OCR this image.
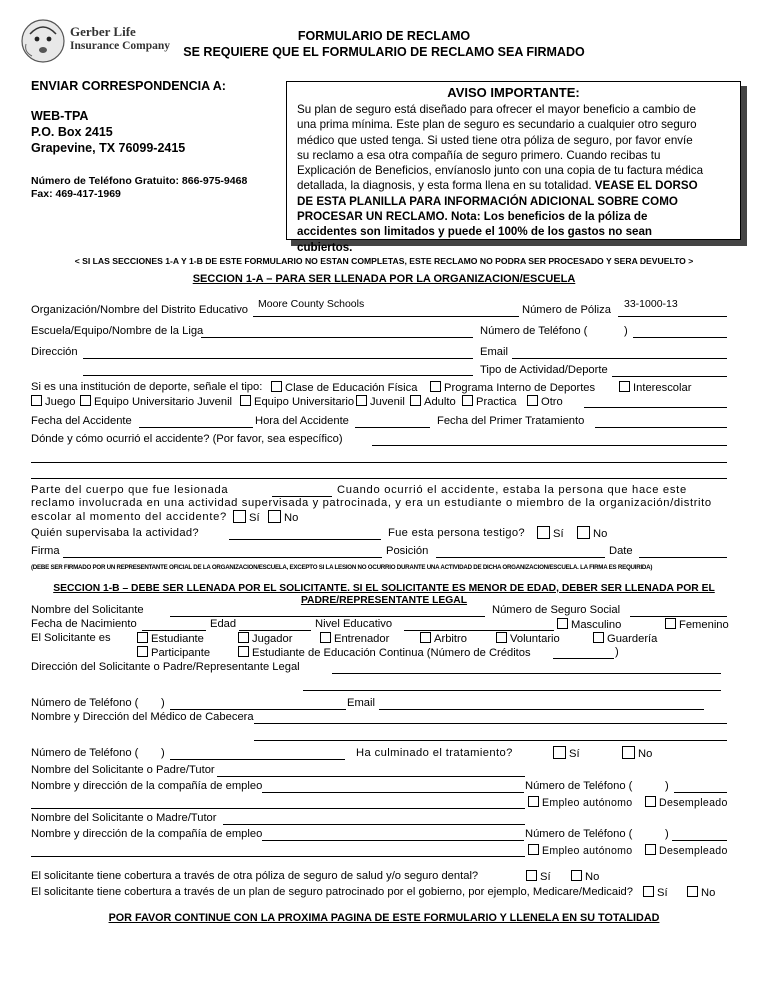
Gerber Life
Insurance Company
FORMULARIO DE RECLAMO
SE REQUIERE QUE EL FORMULARIO DE RECLAMO SEA FIRMADO
ENVIAR CORRESPONDENCIA A:
WEB-TPA
P.O. Box 2415
Grapevine, TX 76099-2415
Número de Teléfono Gratuito: 866-975-9468
Fax: 469-417-1969
AVISO IMPORTANTE:
Su plan de seguro está diseñado para ofrecer el mayor beneficio a cambio de
una prima mínima. Este plan de seguro es secundario a cualquier otro seguro
médico que usted tenga. Si usted tiene otra póliza de seguro, por favor envíe
su reclamo a esa otra compañía de seguro primero. Cuando recibas tu
Explicación de Beneficios, envíanoslo junto con una copia de tu factura médica
detallada, la diagnosis, y esta forma llena en su totalidad. VEASE EL DORSO
DE ESTA PLANILLA PARA INFORMACIÓN ADICIONAL SOBRE COMO
PROCESAR UN RECLAMO. Nota: Los beneficios de la póliza de
accidentes son limitados y puede el 100% de los gastos no sean
cubiertos.
< SI LAS SECCIONES 1-A Y 1-B DE ESTE FORMULARIO NO ESTAN COMPLETAS, ESTE RECLAMO NO PODRA SER PROCESADO Y SERA DEVUELTO >
SECCION 1-A – PARA SER LLENADA POR LA ORGANIZACION/ESCUELA
Organización/Nombre del Distrito Educativo Moore County Schools	Número de Póliza 33-1000-13
Escuela/Equipo/Nombre de la Liga	Número de Teléfono (	)
Dirección	Email
Tipo de Actividad/Deporte
Si es una institución de deporte, señale el tipo:	Clase de Educación Física	Programa Interno de Deportes	Interescolar
Juego	Equipo Universitario Juvenil	Equipo Universitario	Juvenil	Adulto	Practica	Otro
Fecha del Accidente	Hora del Accidente	Fecha del Primer Tratamiento
Dónde y cómo ocurrió el accidente? (Por favor, sea específico)
Parte del cuerpo que fue lesionada	Cuando ocurrió el accidente, estaba la persona que hace este
reclamo involucrada en una actividad supervisada y patrocinada, y era un estudiante o miembro de la organización/distrito
escolar al momento del accidente?	Sí	No
Quién supervisaba la actividad?	Fue esta persona testigo?	Sí	No
Firma	Posición	Date
(DEBE SER FIRMADO POR UN REPRESENTANTE OFICIAL DE LA ORGANIZACION/ESCUELA, EXCEPTO SI LA LESION NO OCURRIO DURANTE UNA ACTIVIDAD DE DICHA ORGANIZACION/ESCUELA. LA FIRMA ES REQUIRIDA)
SECCION 1-B – DEBE SER LLENADA POR EL SOLICITANTE. SI EL SOLICITANTE ES MENOR DE EDAD, DEBER SER LLENADA POR EL
PADRE/REPRESENTANTE LEGAL
Nombre del Solicitante	Número de Seguro Social
Fecha de Nacimiento	Edad	Nivel Educativo	Masculino	Femenino
El Solicitante es	Estudiante	Jugador	Entrenador	Arbitro	Voluntario	Guardería
Participante	Estudiante de Educación Continua (Número de Créditos	)
Dirección del Solicitante o Padre/Representante Legal
Número de Teléfono ( )	Email
Nombre y Dirección del Médico de Cabecera
Número de Teléfono ( )	Ha culminado el tratamiento?	Sí	No
Nombre del Solicitante o Padre/Tutor
Nombre y dirección de la compañía de empleo	Número de Teléfono (	)
Empleo autónomo	Desempleado
Nombre del Solicitante o Madre/Tutor
Nombre y dirección de la compañía de empleo	Número de Teléfono (	)
Empleo autónomo	Desempleado
El solicitante tiene cobertura a través de otra póliza de seguro de salud y/o seguro dental?	Sí	No
El solicitante tiene cobertura a través de un plan de seguro patrocinado por el gobierno, por ejemplo, Medicare/Medicaid?	Sí	No
POR FAVOR CONTINUE CON LA PROXIMA PAGINA DE ESTE FORMULARIO Y LLENELA EN SU TOTALIDAD
